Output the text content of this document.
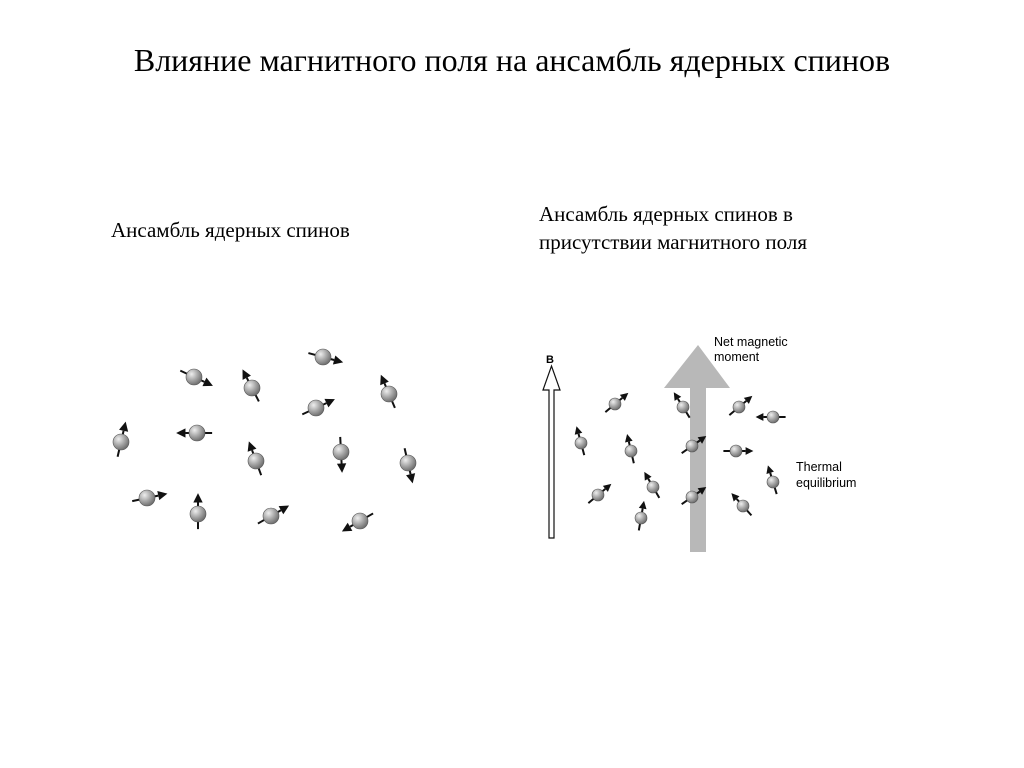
Влияние магнитного поля на ансамбль ядерных спинов
Ансамбль ядерных спинов
Ансамбль ядерных спинов в
присутствии магнитного поля
B
Net magnetic
moment
Thermal
equilibrium
